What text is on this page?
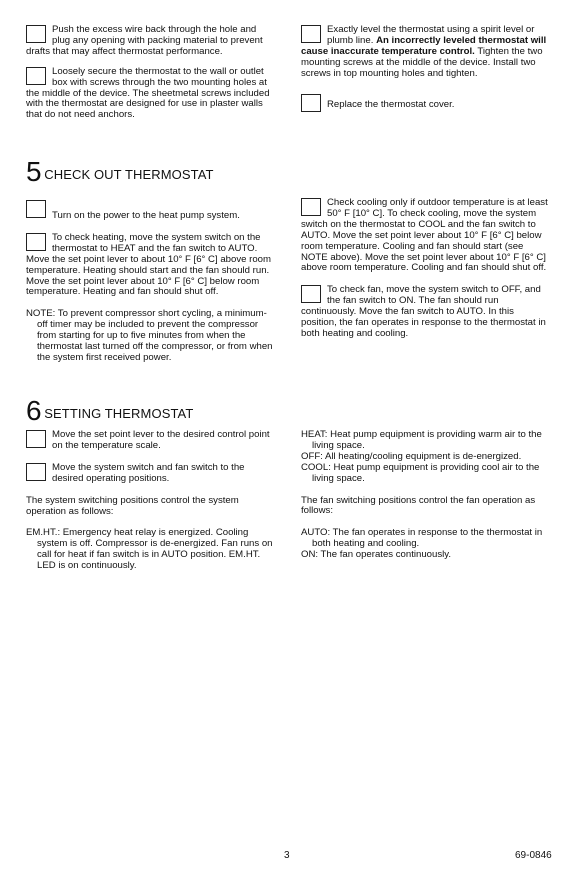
Push the excess wire back through the hole and plug any opening with packing material to prevent drafts that may affect thermostat performance.

Loosely secure the thermostat to the wall or outlet box with screws through the two mounting holes at the middle of the device. The sheetmetal screws included with the thermostat are designed for use in plaster walls that do not need anchors.

Exactly level the thermostat using a spirit level or plumb line. An incorrectly leveled thermostat will cause inaccurate temperature control. Tighten the two mounting screws at the middle of the device. Install two screws in top mounting holes and tighten.

Replace the thermostat cover.

5 CHECK OUT THERMOSTAT

Turn on the power to the heat pump system.

To check heating, move the system switch on the thermostat to HEAT and the fan switch to AUTO. Move the set point lever to about 10° F [6° C] above room temperature. Heating should start and the fan should run. Move the set point lever about 10° F [6° C] below room temperature. Heating and fan should shut off.

NOTE: To prevent compressor short cycling, a minimum-off timer may be included to prevent the compressor from starting for up to five minutes from when the thermostat last turned off the compressor, or from when the system first received power.

Check cooling only if outdoor temperature is at least 50° F [10° C]. To check cooling, move the system switch on the thermostat to COOL and the fan switch to AUTO. Move the set point lever about 10° F [6° C] below room temperature. Cooling and fan should start (see NOTE above). Move the set point lever about 10° F [6° C] above room temperature. Cooling and fan should shut off.

To check fan, move the system switch to OFF, and the fan switch to ON. The fan should run continuously. Move the fan switch to AUTO. In this position, the fan operates in response to the thermostat in both heating and cooling.

6 SETTING THERMOSTAT

Move the set point lever to the desired control point on the temperature scale.

Move the system switch and fan switch to the desired operating positions.

The system switching positions control the system operation as follows:

EM.HT.: Emergency heat relay is energized. Cooling system is off. Compressor is de-energized. Fan runs on call for heat if fan switch is in AUTO position. EM.HT. LED is on continuously.

HEAT: Heat pump equipment is providing warm air to the living space.

OFF: All heating/cooling equipment is de-energized.

COOL: Heat pump equipment is providing cool air to the living space.

The fan switching positions control the fan operation as follows:

AUTO: The fan operates in response to the thermostat in both heating and cooling.

ON: The fan operates continuously.

3	69-0846
